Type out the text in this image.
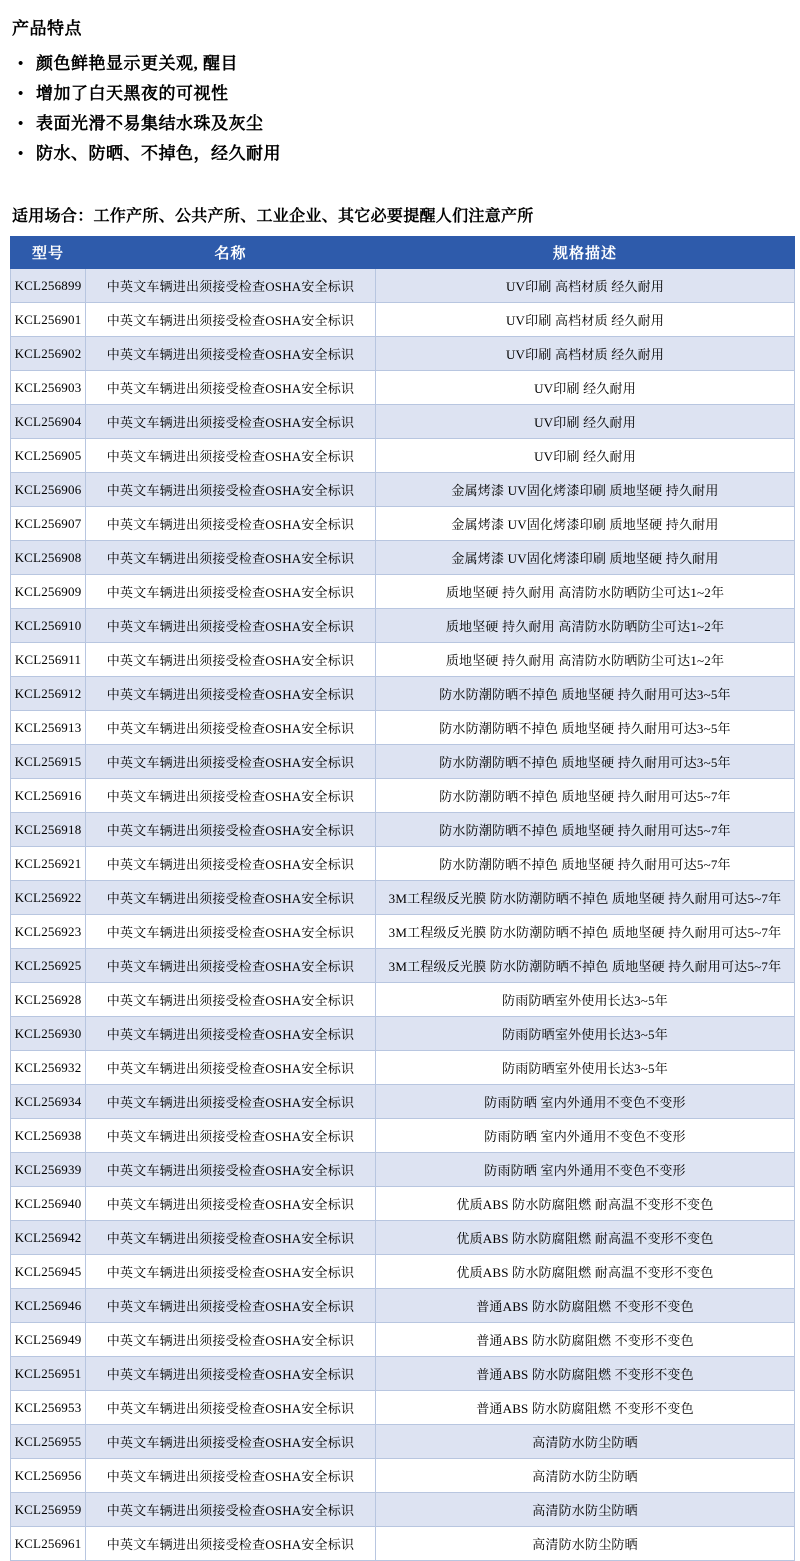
产品特点
• 颜色鲜艳显示更关观, 醒目
• 增加了白天黑夜的可视性
• 表面光滑不易集结水珠及灰尘
• 防水、防晒、不掉色，经久耐用
适用场合：工作产所、公共产所、工业企业、其它必要提醒人们注意产所
型号	名称	规格描述
KCL256899	中英文车辆进出须接受检查OSHA安全标识	UV印刷 高档材质 经久耐用
KCL256901	中英文车辆进出须接受检查OSHA安全标识	UV印刷 高档材质 经久耐用
KCL256902	中英文车辆进出须接受检查OSHA安全标识	UV印刷 高档材质 经久耐用
KCL256903	中英文车辆进出须接受检查OSHA安全标识	UV印刷 经久耐用
KCL256904	中英文车辆进出须接受检查OSHA安全标识	UV印刷 经久耐用
KCL256905	中英文车辆进出须接受检查OSHA安全标识	UV印刷 经久耐用
KCL256906	中英文车辆进出须接受检查OSHA安全标识	金属烤漆 UV固化烤漆印刷 质地坚硬 持久耐用
KCL256907	中英文车辆进出须接受检查OSHA安全标识	金属烤漆 UV固化烤漆印刷 质地坚硬 持久耐用
KCL256908	中英文车辆进出须接受检查OSHA安全标识	金属烤漆 UV固化烤漆印刷 质地坚硬 持久耐用
KCL256909	中英文车辆进出须接受检查OSHA安全标识	质地坚硬 持久耐用 高清防水防晒防尘可达1~2年
KCL256910	中英文车辆进出须接受检查OSHA安全标识	质地坚硬 持久耐用 高清防水防晒防尘可达1~2年
KCL256911	中英文车辆进出须接受检查OSHA安全标识	质地坚硬 持久耐用 高清防水防晒防尘可达1~2年
KCL256912	中英文车辆进出须接受检查OSHA安全标识	防水防潮防晒不掉色 质地坚硬 持久耐用可达3~5年
KCL256913	中英文车辆进出须接受检查OSHA安全标识	防水防潮防晒不掉色 质地坚硬 持久耐用可达3~5年
KCL256915	中英文车辆进出须接受检查OSHA安全标识	防水防潮防晒不掉色 质地坚硬 持久耐用可达3~5年
KCL256916	中英文车辆进出须接受检查OSHA安全标识	防水防潮防晒不掉色 质地坚硬 持久耐用可达5~7年
KCL256918	中英文车辆进出须接受检查OSHA安全标识	防水防潮防晒不掉色 质地坚硬 持久耐用可达5~7年
KCL256921	中英文车辆进出须接受检查OSHA安全标识	防水防潮防晒不掉色 质地坚硬 持久耐用可达5~7年
KCL256922	中英文车辆进出须接受检查OSHA安全标识	3M工程级反光膜 防水防潮防晒不掉色 质地坚硬 持久耐用可达5~7年
KCL256923	中英文车辆进出须接受检查OSHA安全标识	3M工程级反光膜 防水防潮防晒不掉色 质地坚硬 持久耐用可达5~7年
KCL256925	中英文车辆进出须接受检查OSHA安全标识	3M工程级反光膜 防水防潮防晒不掉色 质地坚硬 持久耐用可达5~7年
KCL256928	中英文车辆进出须接受检查OSHA安全标识	防雨防晒室外使用长达3~5年
KCL256930	中英文车辆进出须接受检查OSHA安全标识	防雨防晒室外使用长达3~5年
KCL256932	中英文车辆进出须接受检查OSHA安全标识	防雨防晒室外使用长达3~5年
KCL256934	中英文车辆进出须接受检查OSHA安全标识	防雨防晒 室内外通用不变色不变形
KCL256938	中英文车辆进出须接受检查OSHA安全标识	防雨防晒 室内外通用不变色不变形
KCL256939	中英文车辆进出须接受检查OSHA安全标识	防雨防晒 室内外通用不变色不变形
KCL256940	中英文车辆进出须接受检查OSHA安全标识	优质ABS 防水防腐阻燃 耐高温不变形不变色
KCL256942	中英文车辆进出须接受检查OSHA安全标识	优质ABS 防水防腐阻燃 耐高温不变形不变色
KCL256945	中英文车辆进出须接受检查OSHA安全标识	优质ABS 防水防腐阻燃 耐高温不变形不变色
KCL256946	中英文车辆进出须接受检查OSHA安全标识	普通ABS 防水防腐阻燃 不变形不变色
KCL256949	中英文车辆进出须接受检查OSHA安全标识	普通ABS 防水防腐阻燃 不变形不变色
KCL256951	中英文车辆进出须接受检查OSHA安全标识	普通ABS 防水防腐阻燃 不变形不变色
KCL256953	中英文车辆进出须接受检查OSHA安全标识	普通ABS 防水防腐阻燃 不变形不变色
KCL256955	中英文车辆进出须接受检查OSHA安全标识	高清防水防尘防晒
KCL256956	中英文车辆进出须接受检查OSHA安全标识	高清防水防尘防晒
KCL256959	中英文车辆进出须接受检查OSHA安全标识	高清防水防尘防晒
KCL256961	中英文车辆进出须接受检查OSHA安全标识	高清防水防尘防晒
